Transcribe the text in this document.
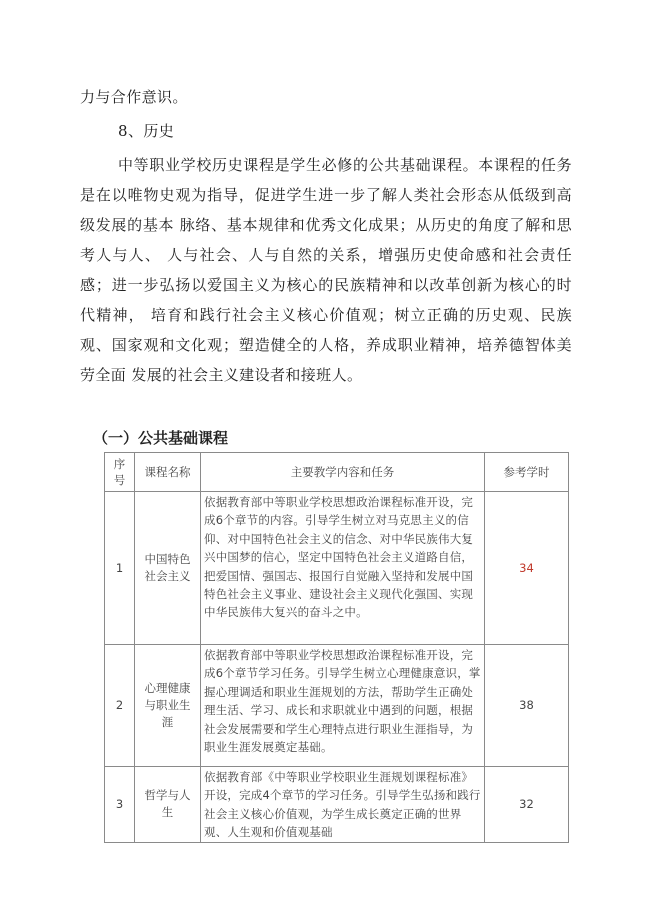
力与合作意识。
8、历史
中等职业学校历史课程是学生必修的公共基础课程。本课程的任务是在以唯物史观为指导，促进学生进一步了解人类社会形态从低级到高级发展的基本 脉络、基本规律和优秀文化成果；从历史的角度了解和思考人与人、 人与社会、人与自然的关系，增强历史使命感和社会责任感；进一步弘扬以爱国主义为核心的民族精神和以改革创新为核心的时代精神， 培育和践行社会主义核心价值观；树立正确的历史观、民族观、国家观和文化观；塑造健全的人格，养成职业精神，培养德智体美劳全面 发展的社会主义建设者和接班人。
（一）公共基础课程
序号	课程名称	主要教学内容和任务	参考学时
1	中国特色社会主义	依据教育部中等职业学校思想政治课程标准开设，完成6个章节的内容。引导学生树立对马克思主义的信仰、对中国特色社会主义的信念、对中华民族伟大复兴中国梦的信心，坚定中国特色社会主义道路自信，把爱国情、强国志、报国行自觉融入坚持和发展中国特色社会主义事业、建设社会主义现代化强国、实现中华民族伟大复兴的奋斗之中。	34
2	心理健康与职业生涯	依据教育部中等职业学校思想政治课程标准开设，完成6个章节学习任务。引导学生树立心理健康意识，掌握心理调适和职业生涯规划的方法，帮助学生正确处理生活、学习、成长和求职就业中遇到的问题，根据社会发展需要和学生心理特点进行职业生涯指导，为职业生涯发展奠定基础。	38
3	哲学与人生	依据教育部《中等职业学校职业生涯规划课程标准》开设，完成4个章节的学习任务。引导学生弘扬和践行社会主义核心价值观，为学生成长奠定正确的世界观、人生观和价值观基础	32
